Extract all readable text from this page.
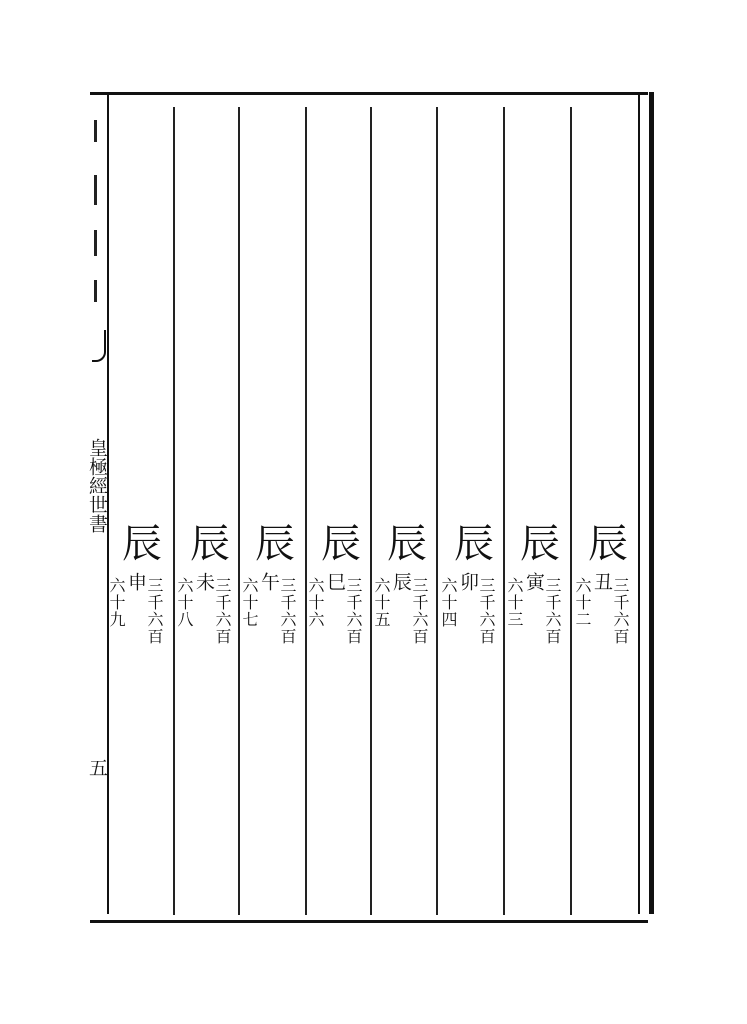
皇極經世書
五
辰
丑
三千六百
六十二
辰
寅
三千六百
六十三
辰
卯
三千六百
六十四
辰
辰
三千六百
六十五
辰
巳
三千六百
六十六
辰
午
三千六百
六十七
辰
未
三千六百
六十八
辰
申
三千六百
六十九
